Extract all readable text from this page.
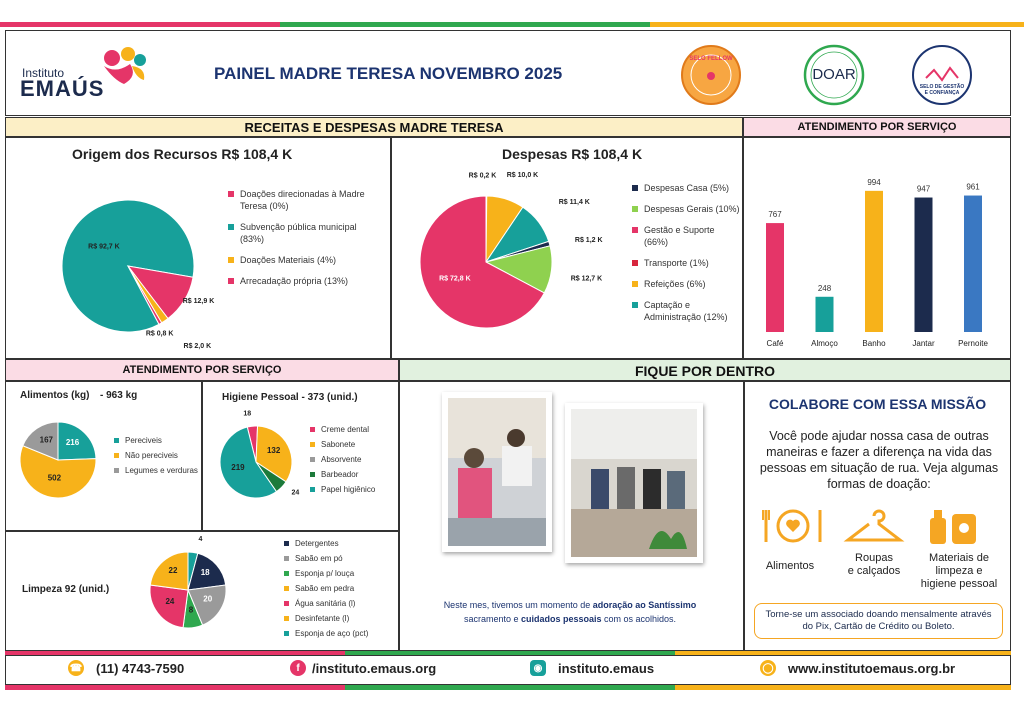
Instituto
EMAÚS
PAINEL MADRE TERESA NOVEMBRO 2025
SELO FELLOW
DOAR
SELO DE GESTÃO E CONFIANÇA
RECEITAS E DESPESAS MADRE TERESA	ATENDIMENTO POR SERVIÇO
Origem dos Recursos R$ 108,4 K
R$ 92,7 K
R$ 12,9 K
R$ 2,0 K
R$ 0,8 K
Doações direcionadas à Madre Teresa (0%)
Subvenção pública municipal (83%)
Doações Materiais (4%)
Arrecadação própria (13%)
Despesas R$ 108,4 K
R$ 0,2 K R$ 10,0 K
R$ 11,4 K
R$ 1,2 K
R$ 12,7 K
R$ 72,8 K
Despesas Casa (5%)
Despesas Gerais (10%)
Gestão e Suporte (66%)
Transporte (1%)
Refeições (6%)
Captação e Administração (12%)
767
Café
248
Almoço
994
Banho
947
Jantar
961
Pernoite
ATENDIMENTO POR SERVIÇO	FIQUE POR DENTRO
Alimentos (kg) - 963 kg
216
502
167	Pereciveis
Não pereciveis
Legumes e verduras
Higiene Pessoal - 373 (unid.)
18
132
24
219
Creme dental
Sabonete
Absorvente
Barbeador
Papel higiênico
Limpeza 92 (unid.)
4
18
20
8
24
22
Detergentes
Sabão em pó
Esponja p/ louça
Sabão em pedra
Água sanitária (l)
Desinfetante (l)
Esponja de aço (pct)
Neste mes, tivemos um momento de adoração ao Santíssimo sacramento e cuidados pessoais com os acolhidos.
COLABORE COM ESSA MISSÃO
Você pode ajudar nossa casa de outras maneiras e fazer a diferença na vida das pessoas em situação de rua. Veja algumas formas de doação:
Alimentos
Roupas
e calçados
Materiais de
limpeza e
higiene pessoal
Torne-se um associado doando mensalmente através do Pix, Cartão de Crédito ou Boleto.
☎ (11) 4743-7590	f /instituto.emaus.org	◉ instituto.emaus	◯ www.institutoemaus.org.br
